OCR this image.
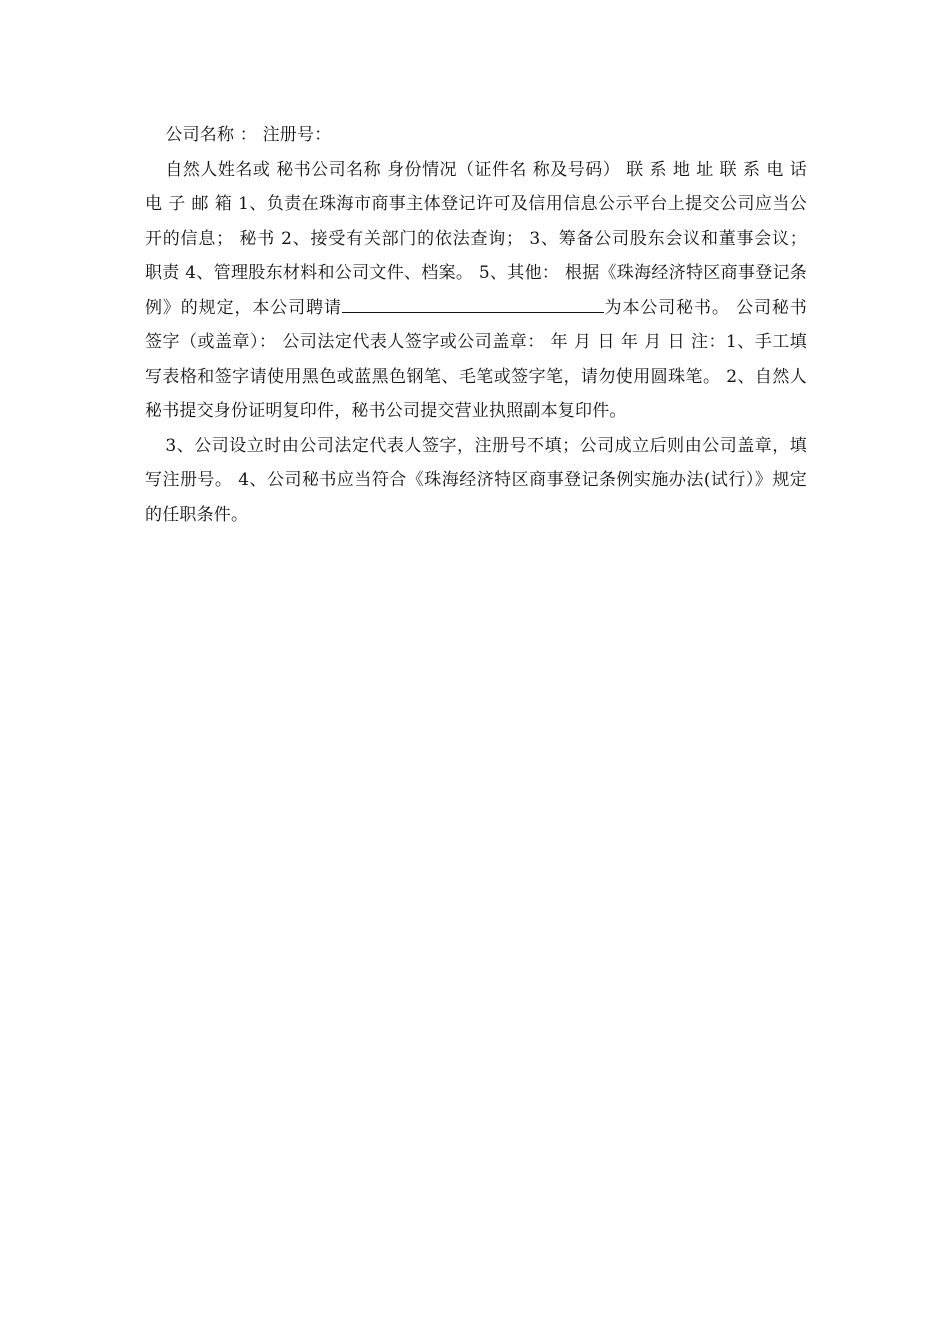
公司名称 ： 注册号：

自然人姓名或 秘书公司名称 身份情况（证件名 称及号码） 联 系 地 址 联 系 电 话 电 子 邮 箱 1、负责在珠海市商事主体登记许可及信用信息公示平台上提交公司应当公开的信息； 秘书 2、接受有关部门的依法查询； 3、筹备公司股东会议和董事会议； 职责 4、管理股东材料和公司文件、档案。 5、其他： 根据《珠海经济特区商事登记条例》的规定，本公司聘请	为本公司秘书。 公司秘书签字（或盖章）： 公司法定代表人签字或公司盖章： 年 月 日 年 月 日 注：1、手工填写表格和签字请使用黑色或蓝黑色钢笔、毛笔或签字笔，请勿使用圆珠笔。 2、自然人秘书提交身份证明复印件，秘书公司提交营业执照副本复印件。

3、公司设立时由公司法定代表人签字，注册号不填；公司成立后则由公司盖章，填写注册号。 4、公司秘书应当符合《珠海经济特区商事登记条例实施办法(试行）》规定的任职条件。
